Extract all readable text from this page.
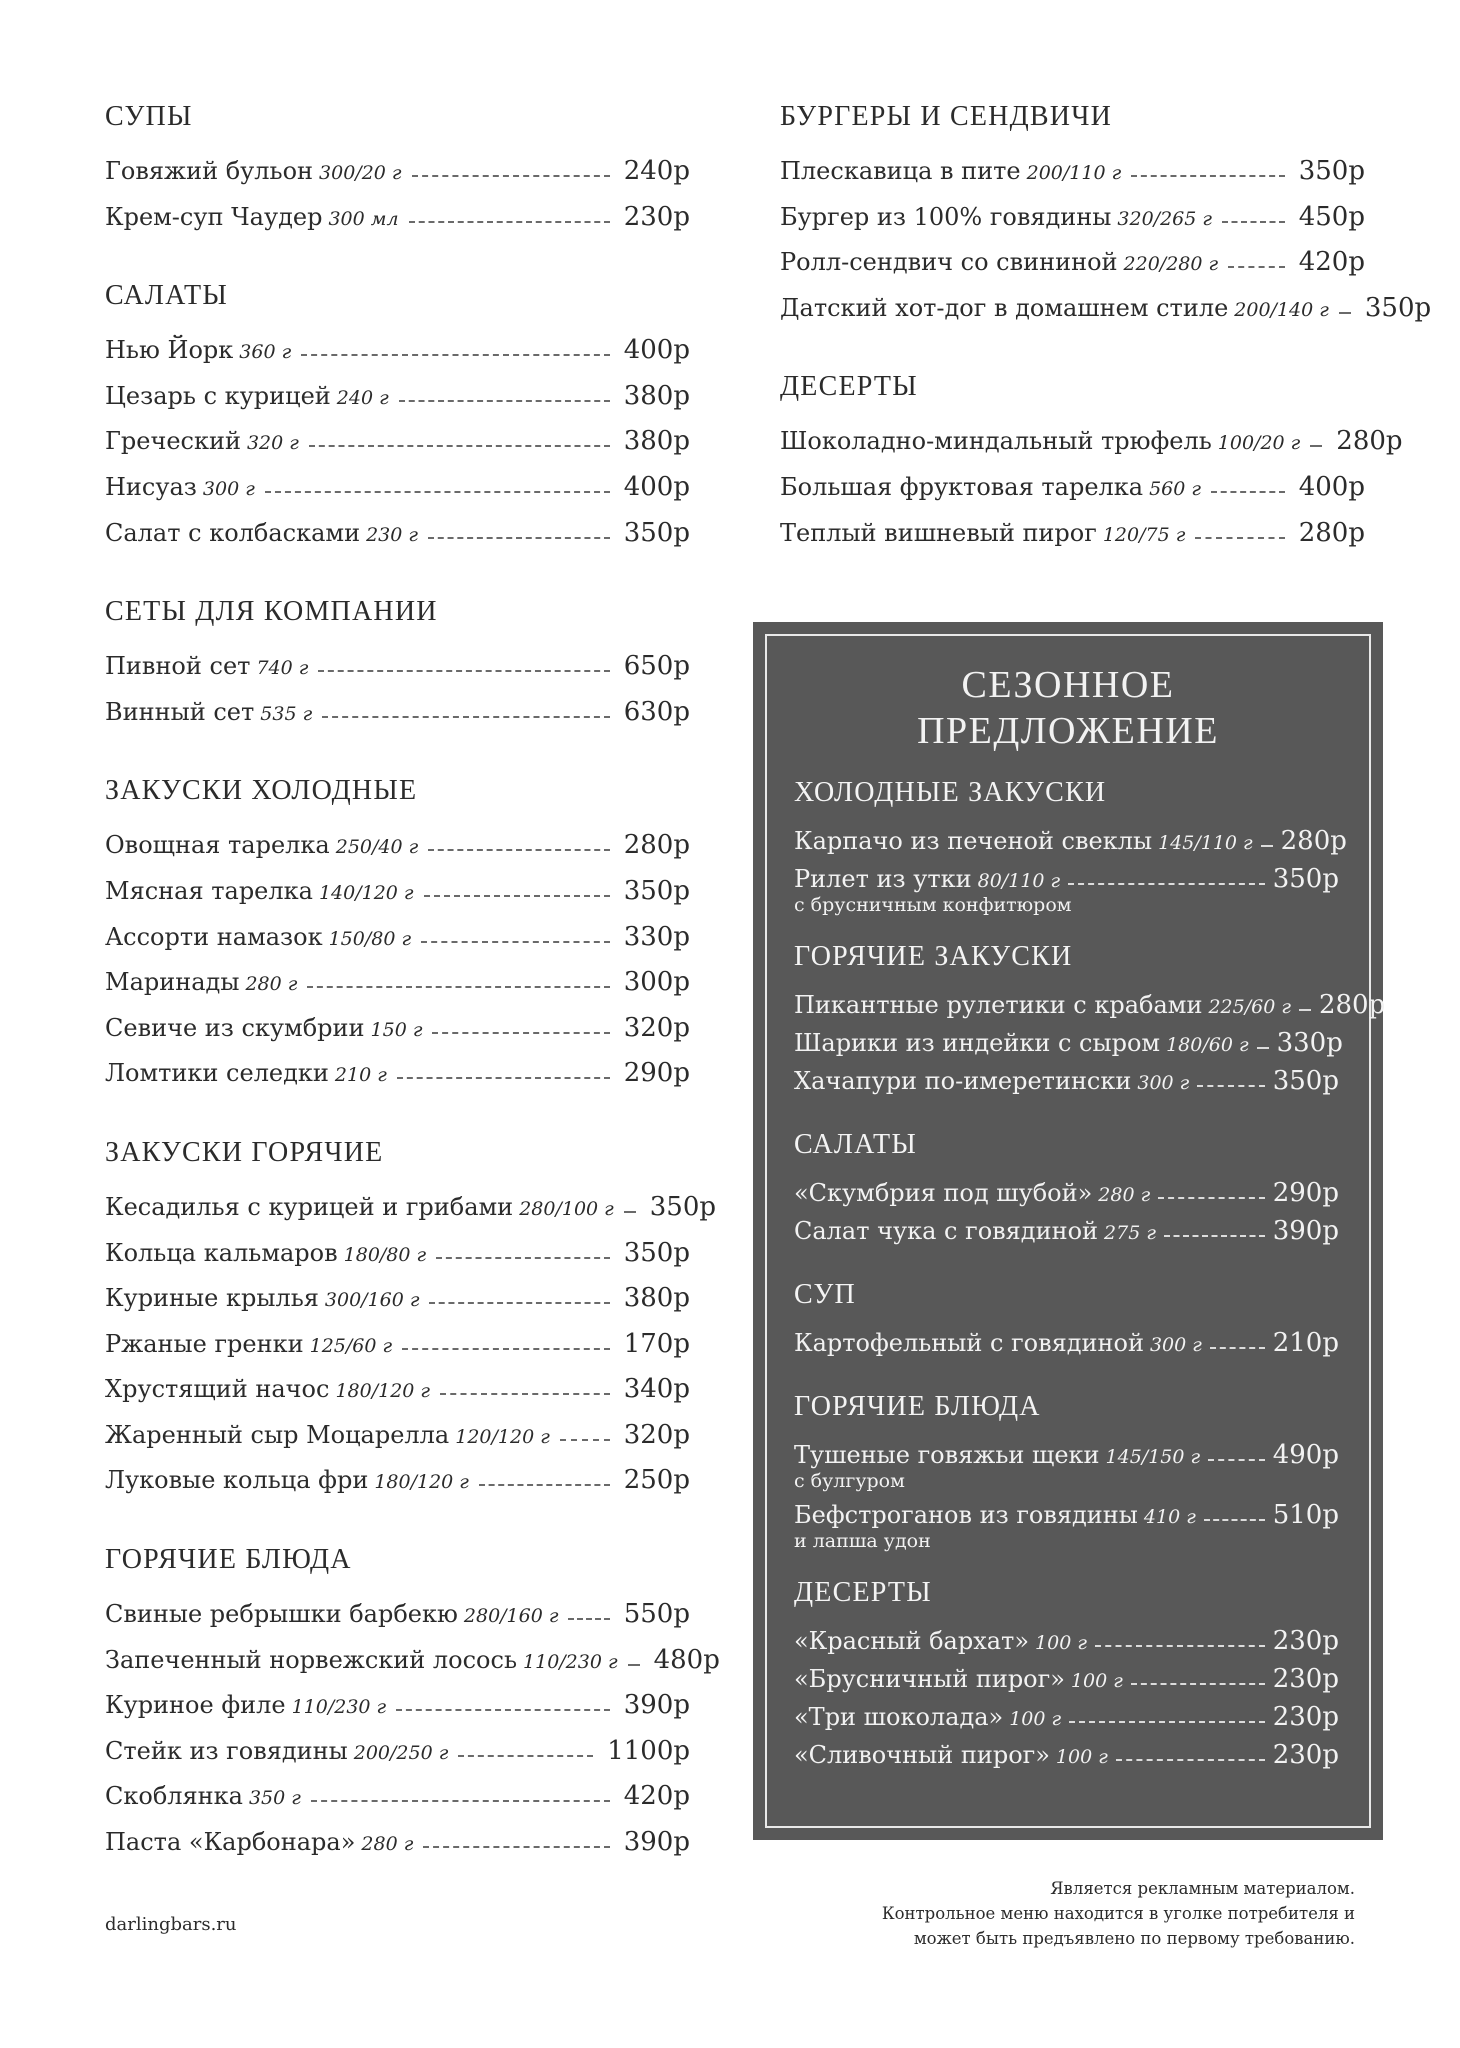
СУПЫ
Говяжий бульон 300/20 г	240р
Крем-суп Чаудер 300 мл	230р
САЛАТЫ
Нью Йорк 360 г	400р
Цезарь с курицей 240 г	380р
Греческий 320 г	380р
Нисуаз 300 г	400р
Салат с колбасками 230 г	350р
СЕТЫ ДЛЯ КОМПАНИИ
Пивной сет 740 г	650р
Винный сет 535 г	630р
ЗАКУСКИ ХОЛОДНЫЕ
Овощная тарелка 250/40 г	280р
Мясная тарелка 140/120 г	350р
Ассорти намазок 150/80 г	330р
Маринады 280 г	300р
Севиче из скумбрии 150 г	320р
Ломтики селедки 210 г	290р
ЗАКУСКИ ГОРЯЧИЕ
Кесадилья с курицей и грибами 280/100 г 350р
Кольца кальмаров 180/80 г	350р
Куриные крылья 300/160 г	380р
Ржаные гренки 125/60 г	170р
Хрустящий начос 180/120 г	340р
Жаренный сыр Моцарелла 120/120 г	320р
Луковые кольца фри 180/120 г	250р
ГОРЯЧИЕ БЛЮДА
Свиные ребрышки барбекю 280/160 г	550р
Запеченный норвежский лосось 110/230 г 480р
Куриное филе 110/230 г	390р
Стейк из говядины 200/250 г	1100р
Скоблянка 350 г	420р
Паста «Карбонара» 280 г	390р
БУРГЕРЫ И СЕНДВИЧИ
Плескавица в пите 200/110 г	350р
Бургер из 100% говядины 320/265 г	450р
Ролл-сендвич со свининой 220/280 г	420р
Датский хот-дог в домашнем стиле 200/140 г 350р
ДЕСЕРТЫ
Шоколадно-миндальный трюфель 100/20 г 280р
Большая фруктовая тарелка 560 г	400р
Теплый вишневый пирог 120/75 г	280р
СЕЗОННОЕ
ПРЕДЛОЖЕНИЕ
ХОЛОДНЫЕ ЗАКУСКИ
Карпачо из печеной свеклы 145/110 г 280р
Рилет из утки 80/110 г	350р
с брусничным конфитюром
ГОРЯЧИЕ ЗАКУСКИ
Пикантные рулетики с крабами 225/60 г 280р
Шарики из индейки с сыром 180/60 г 330р
Хачапури по-имеретински 300 г	350р
САЛАТЫ
«Скумбрия под шубой» 280 г	290р
Салат чука с говядиной 275 г	390р
СУП
Картофельный с говядиной 300 г	210р
ГОРЯЧИЕ БЛЮДА
Тушеные говяжьи щеки 145/150 г	490р
с булгуром
Бефстроганов из говядины 410 г	510р
и лапша удон
ДЕСЕРТЫ
«Красный бархат» 100 г	230р
«Брусничный пирог» 100 г	230р
«Три шоколада» 100 г	230р
«Сливочный пирог» 100 г	230р
Является рекламным материалом.
Контрольное меню находится в уголке потребителя и
может быть предъявлено по первому требованию.
darlingbars.ru
